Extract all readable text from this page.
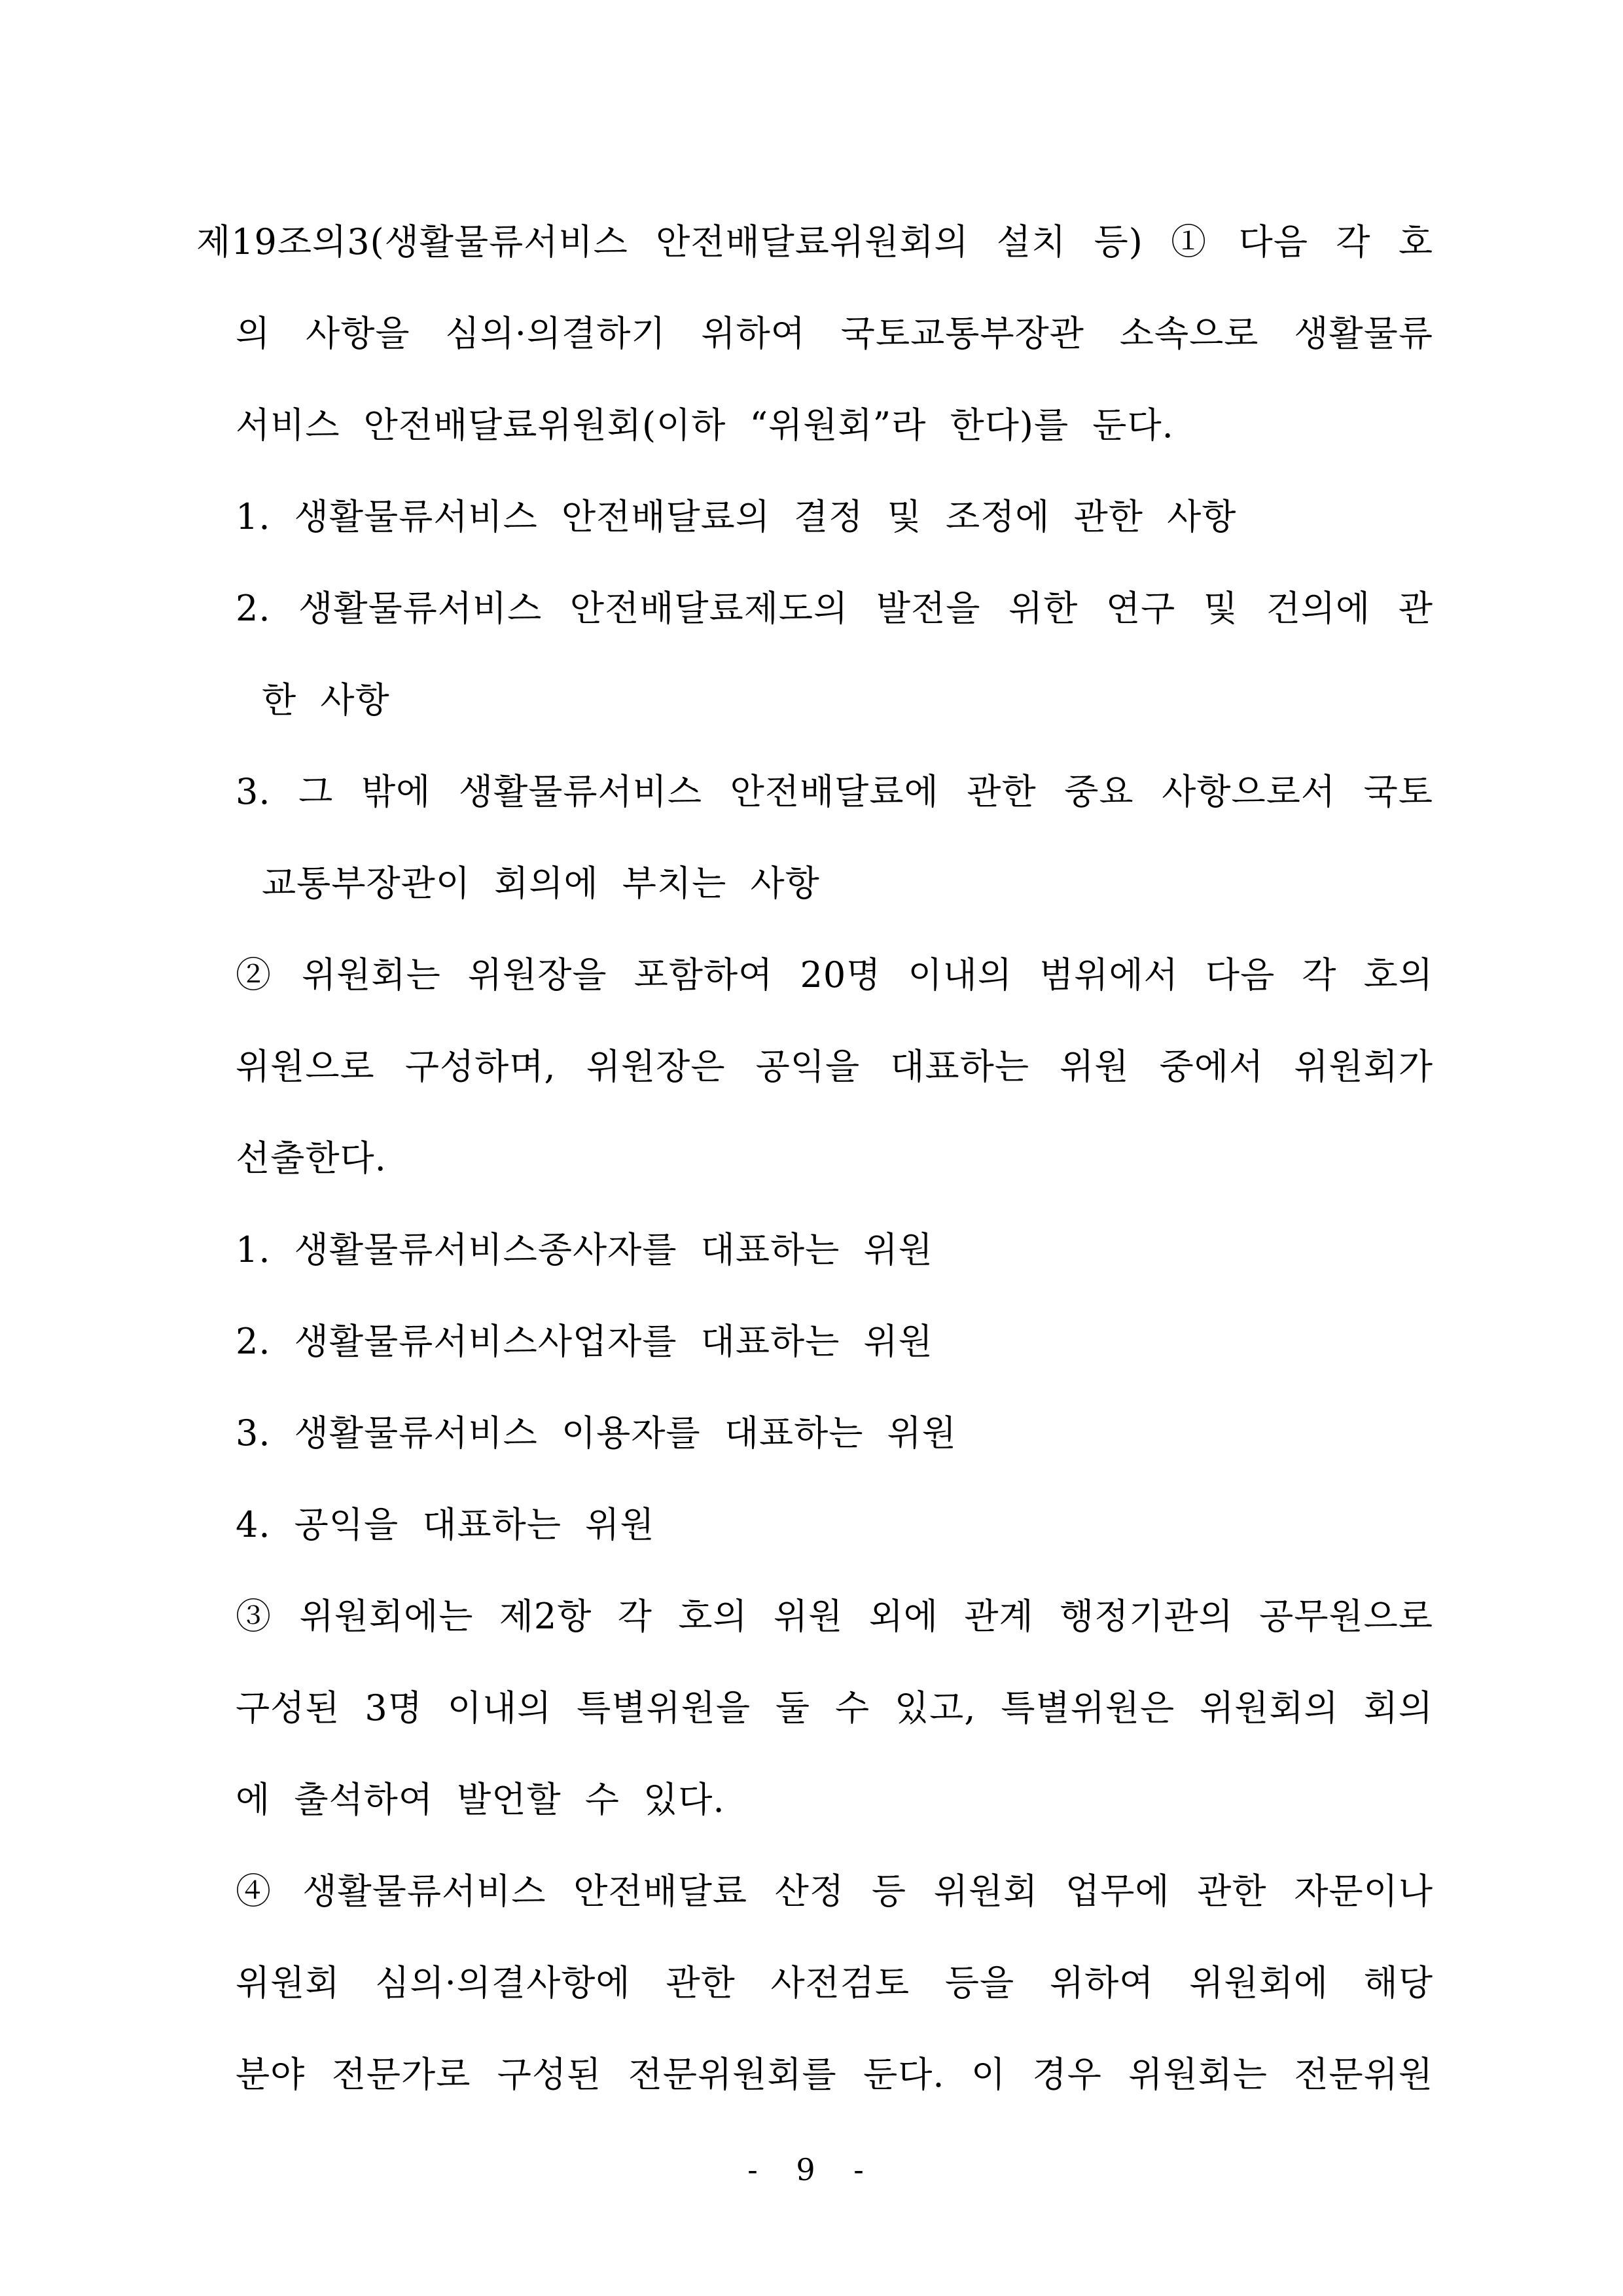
제19조의3(생활물류서비스 안전배달료위원회의 설치 등) ① 다음 각 호
의 사항을 심의·의결하기 위하여 국토교통부장관 소속으로 생활물류
서비스 안전배달료위원회(이하 “위원회”라 한다)를 둔다.
1. 생활물류서비스 안전배달료의 결정 및 조정에 관한 사항
2. 생활물류서비스 안전배달료제도의 발전을 위한 연구 및 건의에 관
한 사항
3. 그 밖에 생활물류서비스 안전배달료에 관한 중요 사항으로서 국토
교통부장관이 회의에 부치는 사항
② 위원회는 위원장을 포함하여 20명 이내의 범위에서 다음 각 호의
위원으로 구성하며, 위원장은 공익을 대표하는 위원 중에서 위원회가
선출한다.
1. 생활물류서비스종사자를 대표하는 위원
2. 생활물류서비스사업자를 대표하는 위원
3. 생활물류서비스 이용자를 대표하는 위원
4. 공익을 대표하는 위원
③ 위원회에는 제2항 각 호의 위원 외에 관계 행정기관의 공무원으로
구성된 3명 이내의 특별위원을 둘 수 있고, 특별위원은 위원회의 회의
에 출석하여 발언할 수 있다.
④ 생활물류서비스 안전배달료 산정 등 위원회 업무에 관한 자문이나
위원회 심의·의결사항에 관한 사전검토 등을 위하여 위원회에 해당
분야 전문가로 구성된 전문위원회를 둔다. 이 경우 위원회는 전문위원
- 9 -
